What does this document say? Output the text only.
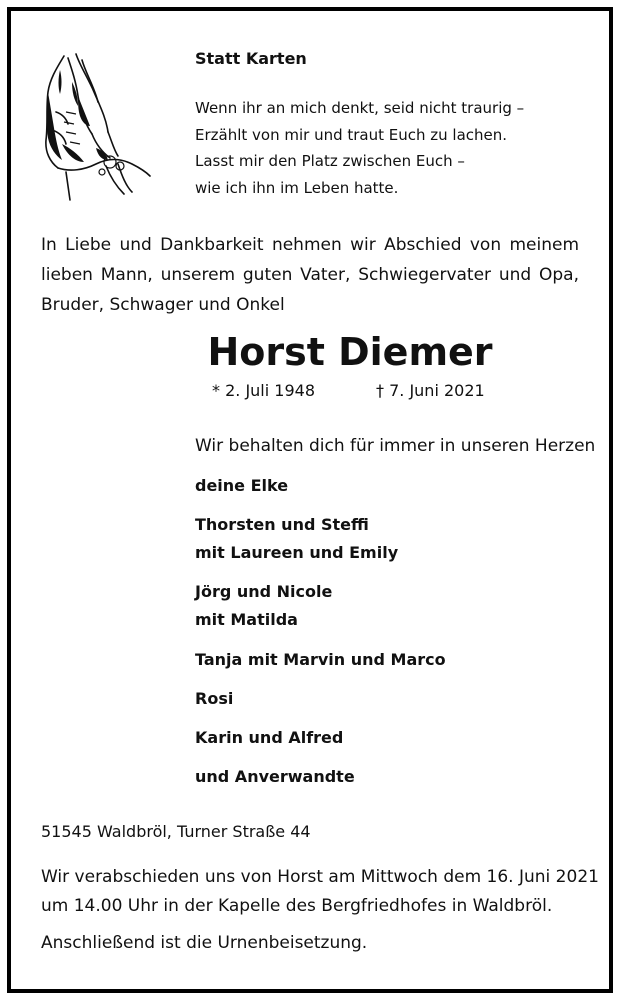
Statt Karten
Wenn ihr an mich denkt, seid nicht traurig –
Erzählt von mir und traut Euch zu lachen.
Lasst mir den Platz zwischen Euch –
wie ich ihn im Leben hatte.
In Liebe und Dankbarkeit nehmen wir Abschied von meinem
lieben Mann, unserem guten Vater, Schwiegervater und Opa,
Bruder, Schwager und Onkel
Horst Diemer
* 2. Juli 1948	† 7. Juni 2021
Wir behalten dich für immer in unseren Herzen
deine Elke
Thorsten und Steffi
mit Laureen und Emily
Jörg und Nicole
mit Matilda
Tanja mit Marvin und Marco
Rosi
Karin und Alfred
und Anverwandte
51545 Waldbröl, Turner Straße 44
Wir verabschieden uns von Horst am Mittwoch dem 16. Juni 2021
um 14.00 Uhr in der Kapelle des Bergfriedhofes in Waldbröl.
Anschließend ist die Urnenbeisetzung.
